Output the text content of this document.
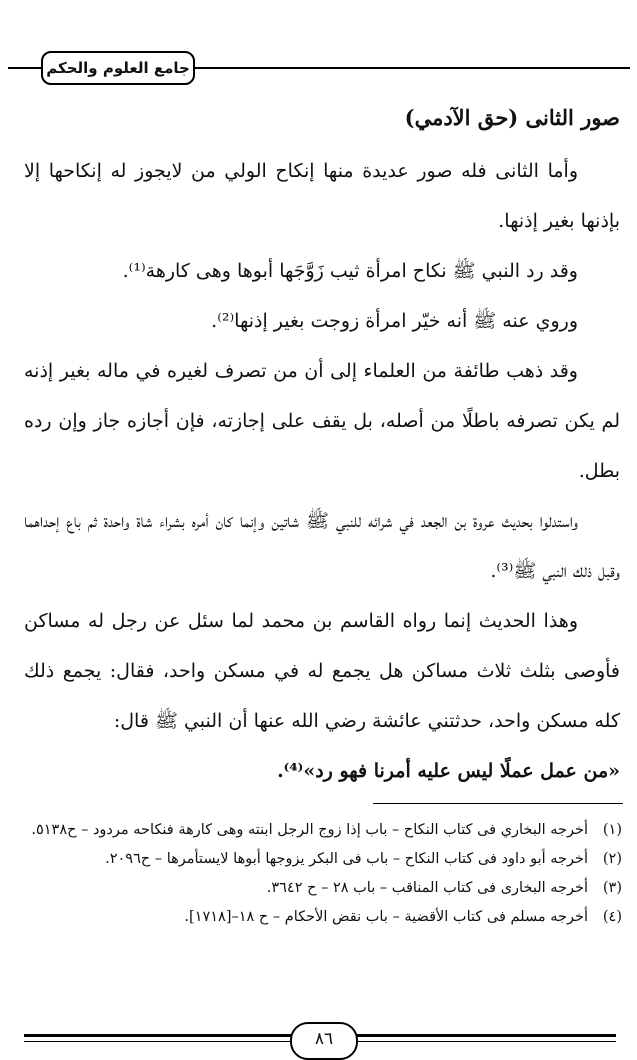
جامع العلوم والحكم
صور الثانى (حق الآدمي)

وأما الثانى فله صور عديدة منها إنكاح الولي من لايجوز له إنكاحها إلا بإذنها بغير إذنها.

وقد رد النبي ﷺ نكاح امرأة ثيب زَوَّجَها أبوها وهى كارهة⁽¹⁾.

وروي عنه ﷺ أنه خيّر امرأة زوجت بغير إذنها⁽²⁾.

وقد ذهب طائفة من العلماء إلى أن من تصرف لغيره في ماله بغير إذنه لم يكن تصرفه باطلًا من أصله، بل يقف على إجازته، فإن أجازه جاز وإن رده بطل.

واستدلوا بحديث عروة بن الجعد في شرائه للنبي ﷺ شاتين وإنما كان أمره بشراء شاة واحدة ثم باع إحداهما وقبل ذلك النبي ﷺ⁽³⁾.

وهذا الحديث إنما رواه القاسم بن محمد لما سئل عن رجل له مساكن فأوصى بثلث ثلاث مساكن هل يجمع له في مسكن واحد، فقال: يجمع ذلك كله مسكن واحد، حدثتني عائشة رضي الله عنها أن النبي ﷺ قال:

«من عمل عملًا ليس عليه أمرنا فهو رد»⁽⁴⁾.

(١)
أخرجه البخاري فى كتاب النكاح – باب إذا زوج الرجل ابنته وهى كارهة فنكاحه مردود – ح٥١٣٨.

(٢)
أخرجه أبو داود فى كتاب النكاح – باب فى البكر يزوجها أبوها لايستأمرها – ح٢٠٩٦.

(٣)
أخرجه البخارى فى كتاب المناقب – باب ٢٨ – ح ٣٦٤٢.

(٤)
أخرجه مسلم فى كتاب الأقضية – باب نقض الأحكام – ح ١٨–[١٧١٨].

٨٦
